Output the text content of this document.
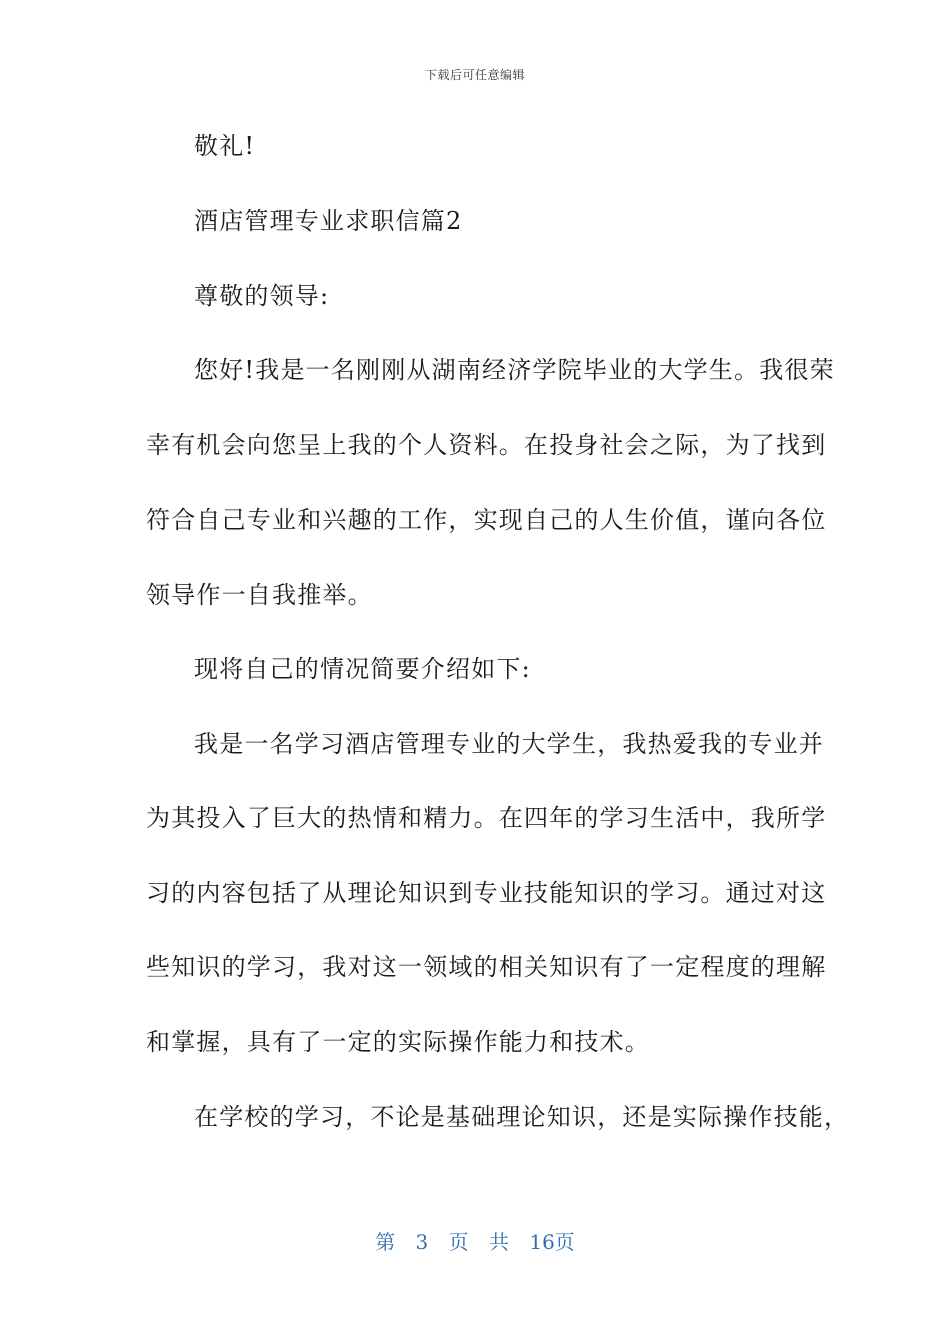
下载后可任意编辑
敬礼!
酒店管理专业求职信篇2
尊敬的领导:
您好!我是一名刚刚从湖南经济学院毕业的大学生。我很荣
幸有机会向您呈上我的个人资料。在投身社会之际，为了找到
符合自己专业和兴趣的工作，实现自己的人生价值，谨向各位
领导作一自我推举。
现将自己的情况简要介绍如下:
我是一名学习酒店管理专业的大学生，我热爱我的专业并
为其投入了巨大的热情和精力。在四年的学习生活中，我所学
习的内容包括了从理论知识到专业技能知识的学习。通过对这
些知识的学习，我对这一领域的相关知识有了一定程度的理解
和掌握，具有了一定的实际操作能力和技术。
在学校的学习，不论是基础理论知识，还是实际操作技能，
第 3 页 共 16页
